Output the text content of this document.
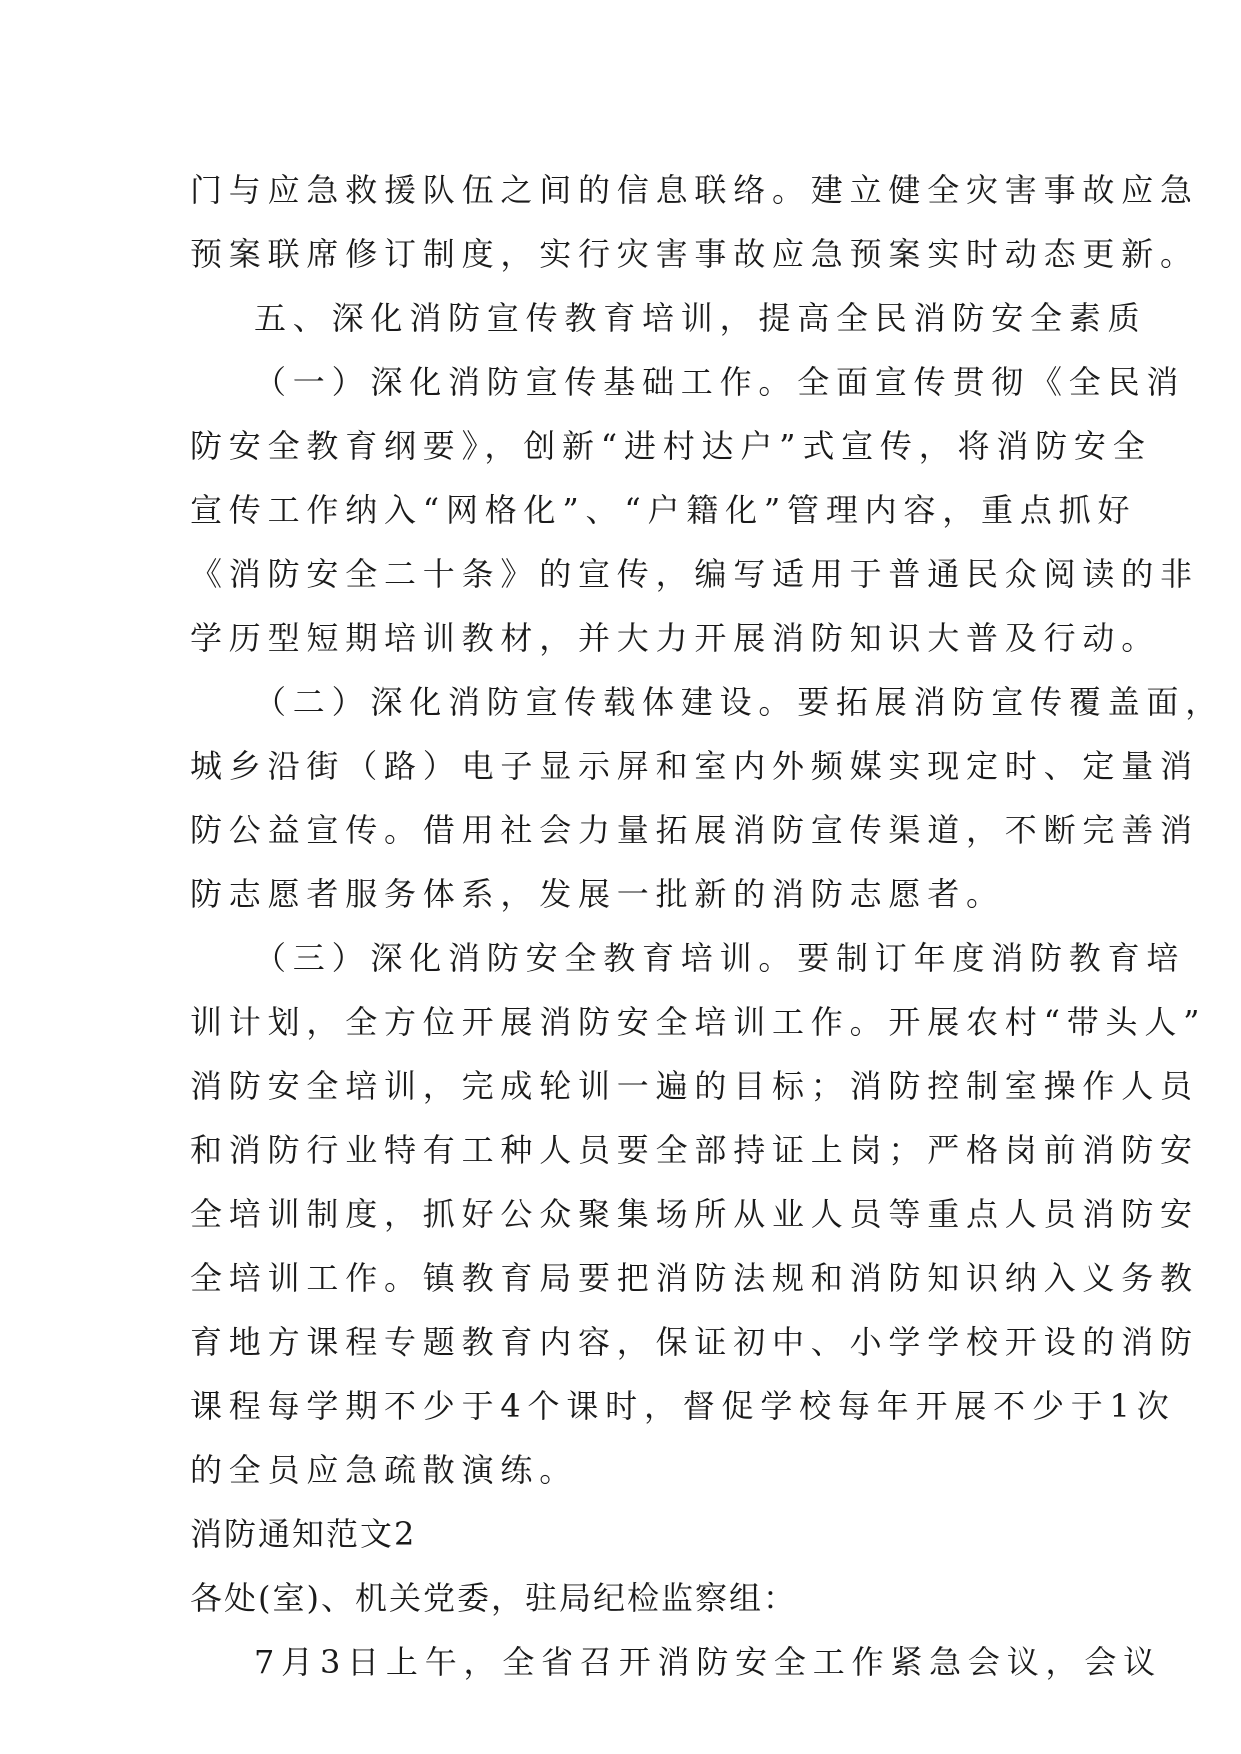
门与应急救援队伍之间的信息联络。建立健全灾害事故应急
预案联席修订制度，实行灾害事故应急预案实时动态更新。
五、深化消防宣传教育培训，提高全民消防安全素质
（一）深化消防宣传基础工作。全面宣传贯彻《全民消
防安全教育纲要》，创新“进村达户”式宣传，将消防安全
宣传工作纳入“网格化”、“户籍化”管理内容，重点抓好
《消防安全二十条》的宣传，编写适用于普通民众阅读的非
学历型短期培训教材，并大力开展消防知识大普及行动。
（二）深化消防宣传载体建设。要拓展消防宣传覆盖面，
城乡沿街（路）电子显示屏和室内外频媒实现定时、定量消
防公益宣传。借用社会力量拓展消防宣传渠道，不断完善消
防志愿者服务体系，发展一批新的消防志愿者。
（三）深化消防安全教育培训。要制订年度消防教育培
训计划，全方位开展消防安全培训工作。开展农村“带头人”
消防安全培训，完成轮训一遍的目标；消防控制室操作人员
和消防行业特有工种人员要全部持证上岗；严格岗前消防安
全培训制度，抓好公众聚集场所从业人员等重点人员消防安
全培训工作。镇教育局要把消防法规和消防知识纳入义务教
育地方课程专题教育内容，保证初中、小学学校开设的消防
课程每学期不少于4个课时，督促学校每年开展不少于1次
的全员应急疏散演练。
消防通知范文2
各处(室)、机关党委，驻局纪检监察组：
7月3日上午，全省召开消防安全工作紧急会议，会议
